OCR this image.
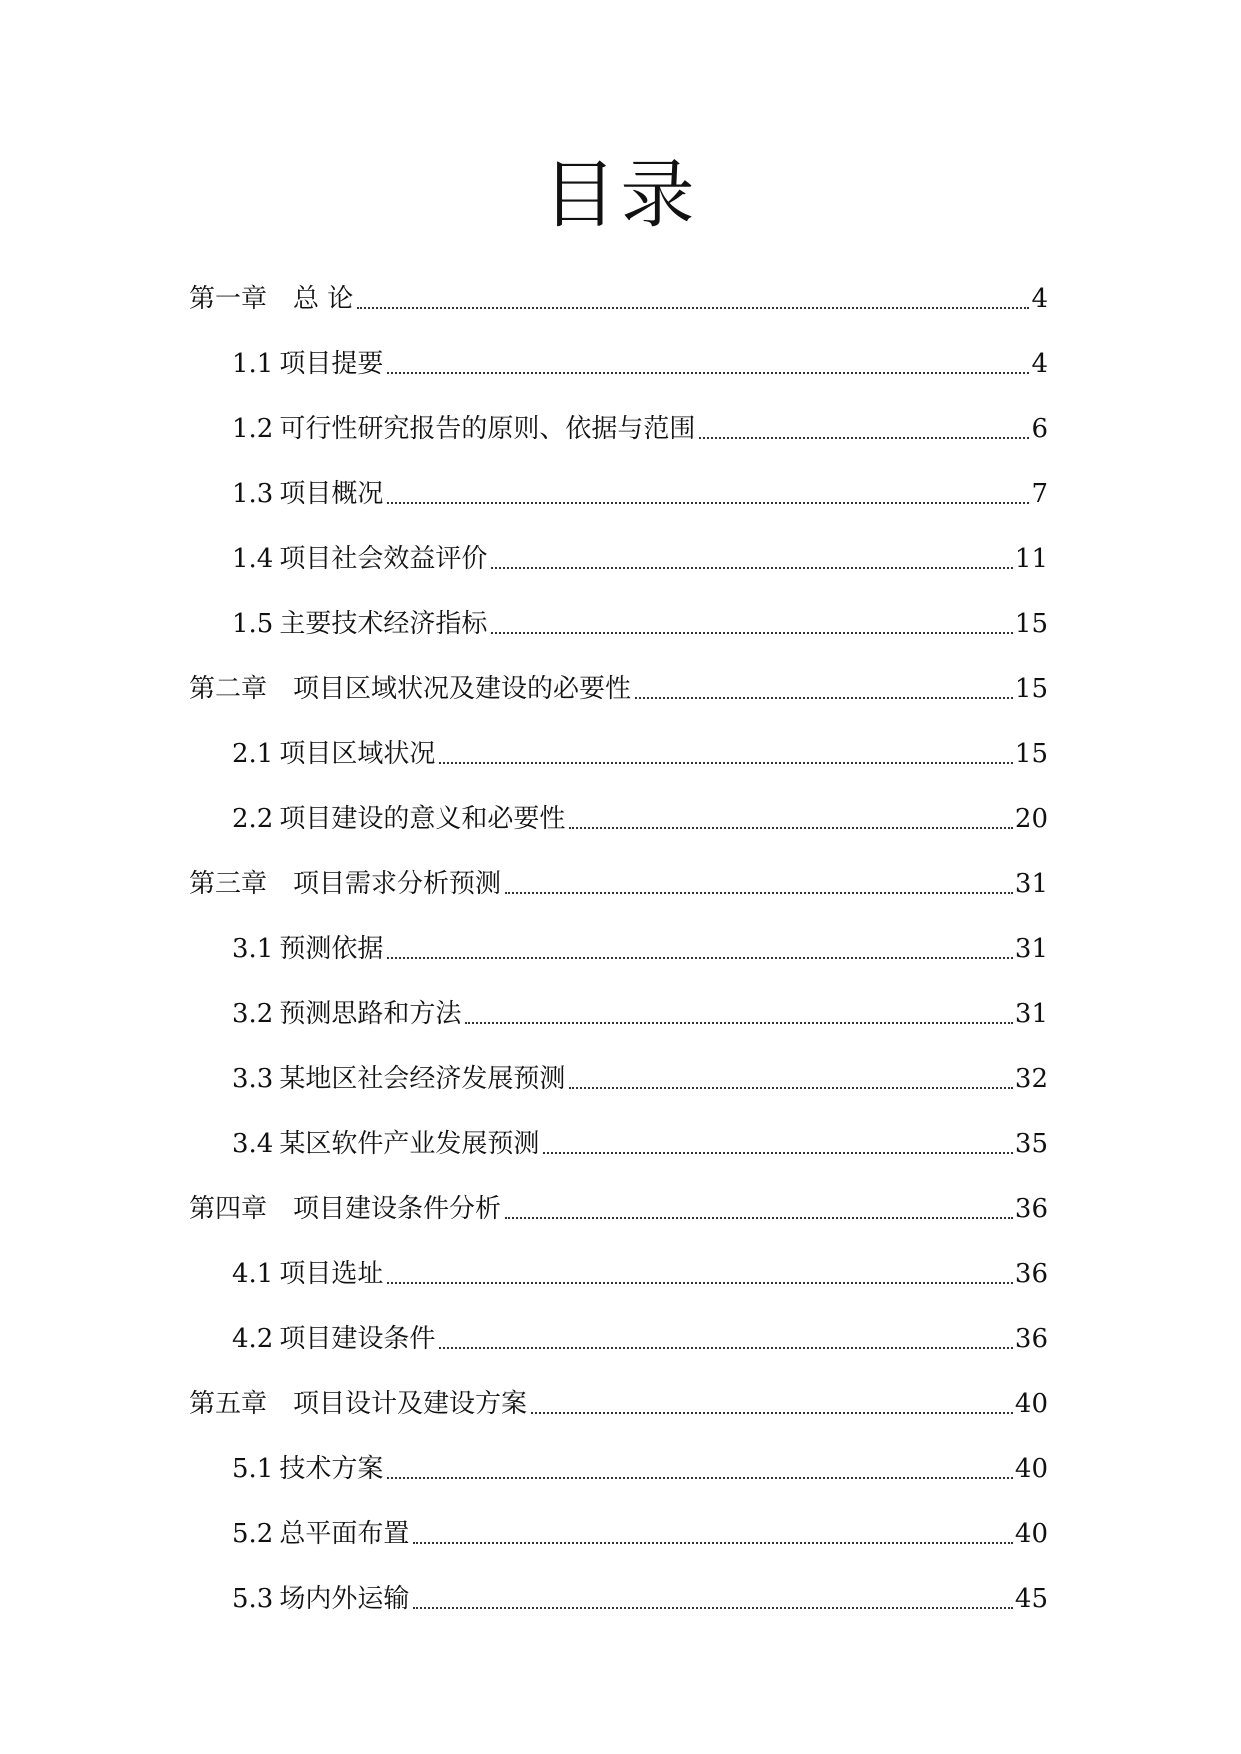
目录
第一章 总 论	4
1.1 项目提要	4
1.2 可行性研究报告的原则、依据与范围	6
1.3 项目概况	7
1.4 项目社会效益评价	11
1.5 主要技术经济指标	15
第二章 项目区域状况及建设的必要性	15
2.1 项目区域状况	15
2.2 项目建设的意义和必要性	20
第三章 项目需求分析预测	31
3.1 预测依据	31
3.2 预测思路和方法	31
3.3 某地区社会经济发展预测	32
3.4 某区软件产业发展预测	35
第四章 项目建设条件分析	36
4.1 项目选址	36
4.2 项目建设条件	36
第五章 项目设计及建设方案	40
5.1 技术方案	40
5.2 总平面布置	40
5.3 场内外运输	45
